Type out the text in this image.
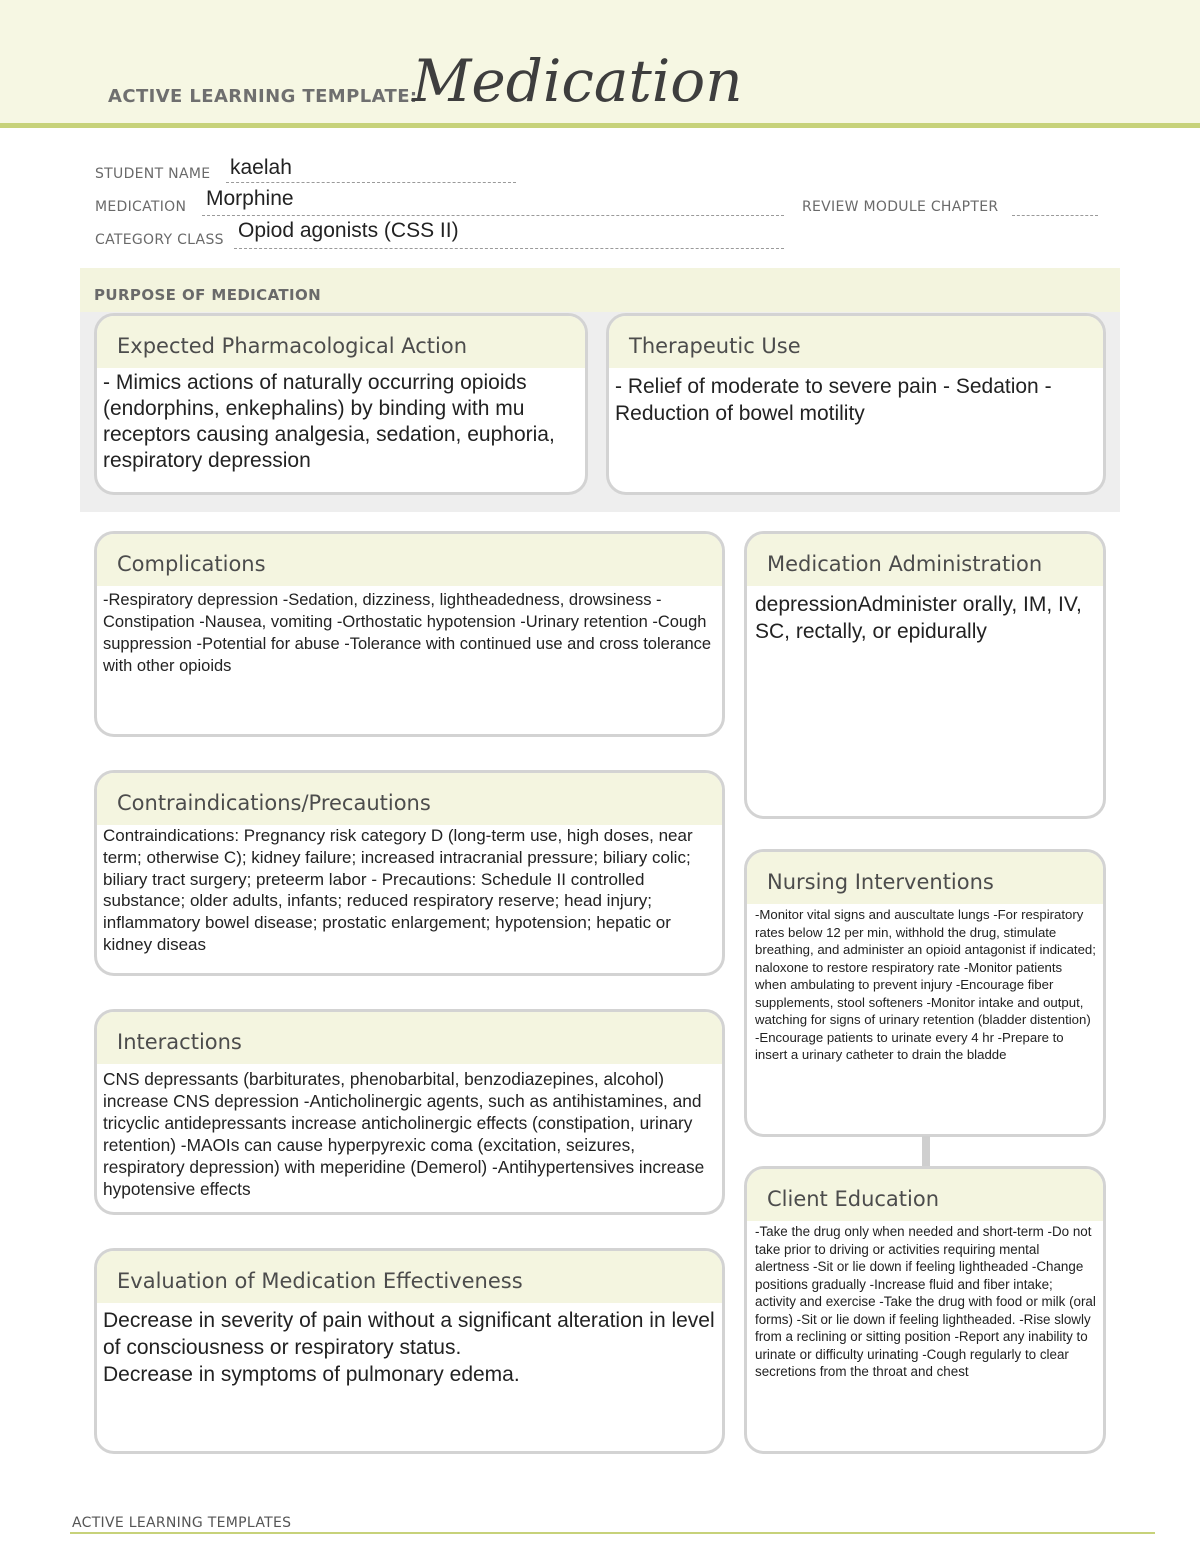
ACTIVE LEARNING TEMPLATE:
Medication
STUDENT NAME kaelah
MEDICATION Morphine	REVIEW MODULE CHAPTER
CATEGORY CLASS Opiod agonists (CSS II)
PURPOSE OF MEDICATION
Expected Pharmacological Action
- Mimics actions of naturally occurring opioids (endorphins, enkephalins) by binding with mu receptors causing analgesia, sedation, euphoria, respiratory depression
Therapeutic Use
- Relief of moderate to severe pain - Sedation -Reduction of bowel motility
Complications
-Respiratory depression -Sedation, dizziness, lightheadedness, drowsiness -Constipation -Nausea, vomiting -Orthostatic hypotension -Urinary retention -Cough suppression -Potential for abuse -Tolerance with continued use and cross tolerance with other opioids
Medication Administration
depressionAdminister orally, IM, IV, SC, rectally, or epidurally
Contraindications/Precautions
Contraindications: Pregnancy risk category D (long-term use, high doses, near term; otherwise C); kidney failure; increased intracranial pressure; biliary colic; biliary tract surgery; preteerm labor - Precautions: Schedule II controlled substance; older adults, infants; reduced respiratory reserve; head injury; inflammatory bowel disease; prostatic enlargement; hypotension; hepatic or kidney diseas
Nursing Interventions
-Monitor vital signs and auscultate lungs -For respiratory rates below 12 per min, withhold the drug, stimulate breathing, and administer an opioid antagonist if indicated; naloxone to restore respiratory rate -Monitor patients when ambulating to prevent injury -Encourage fiber supplements, stool softeners -Monitor intake and output, watching for signs of urinary retention (bladder distention) -Encourage patients to urinate every 4 hr -Prepare to insert a urinary catheter to drain the bladde
Interactions
CNS depressants (barbiturates, phenobarbital, benzodiazepines, alcohol) increase CNS depression -Anticholinergic agents, such as antihistamines, and tricyclic antidepressants increase anticholinergic effects (constipation, urinary retention) -MAOIs can cause hyperpyrexic coma (excitation, seizures, respiratory depression) with meperidine (Demerol) -Antihypertensives increase hypotensive effects	Client Education
-Take the drug only when needed and short-term -Do not take prior to driving or activities requiring mental alertness -Sit or lie down if feeling lightheaded -Change positions gradually -Increase fluid and fiber intake; activity and exercise -Take the drug with food or milk (oral forms) -Sit or lie down if feeling lightheaded. -Rise slowly from a reclining or sitting position -Report any inability to urinate or difficulty urinating -Cough regularly to clear secretions from the throat and chest
Evaluation of Medication Effectiveness
Decrease in severity of pain without a significant alteration in level of consciousness or respiratory status.
Decrease in symptoms of pulmonary edema.
ACTIVE LEARNING TEMPLATES
